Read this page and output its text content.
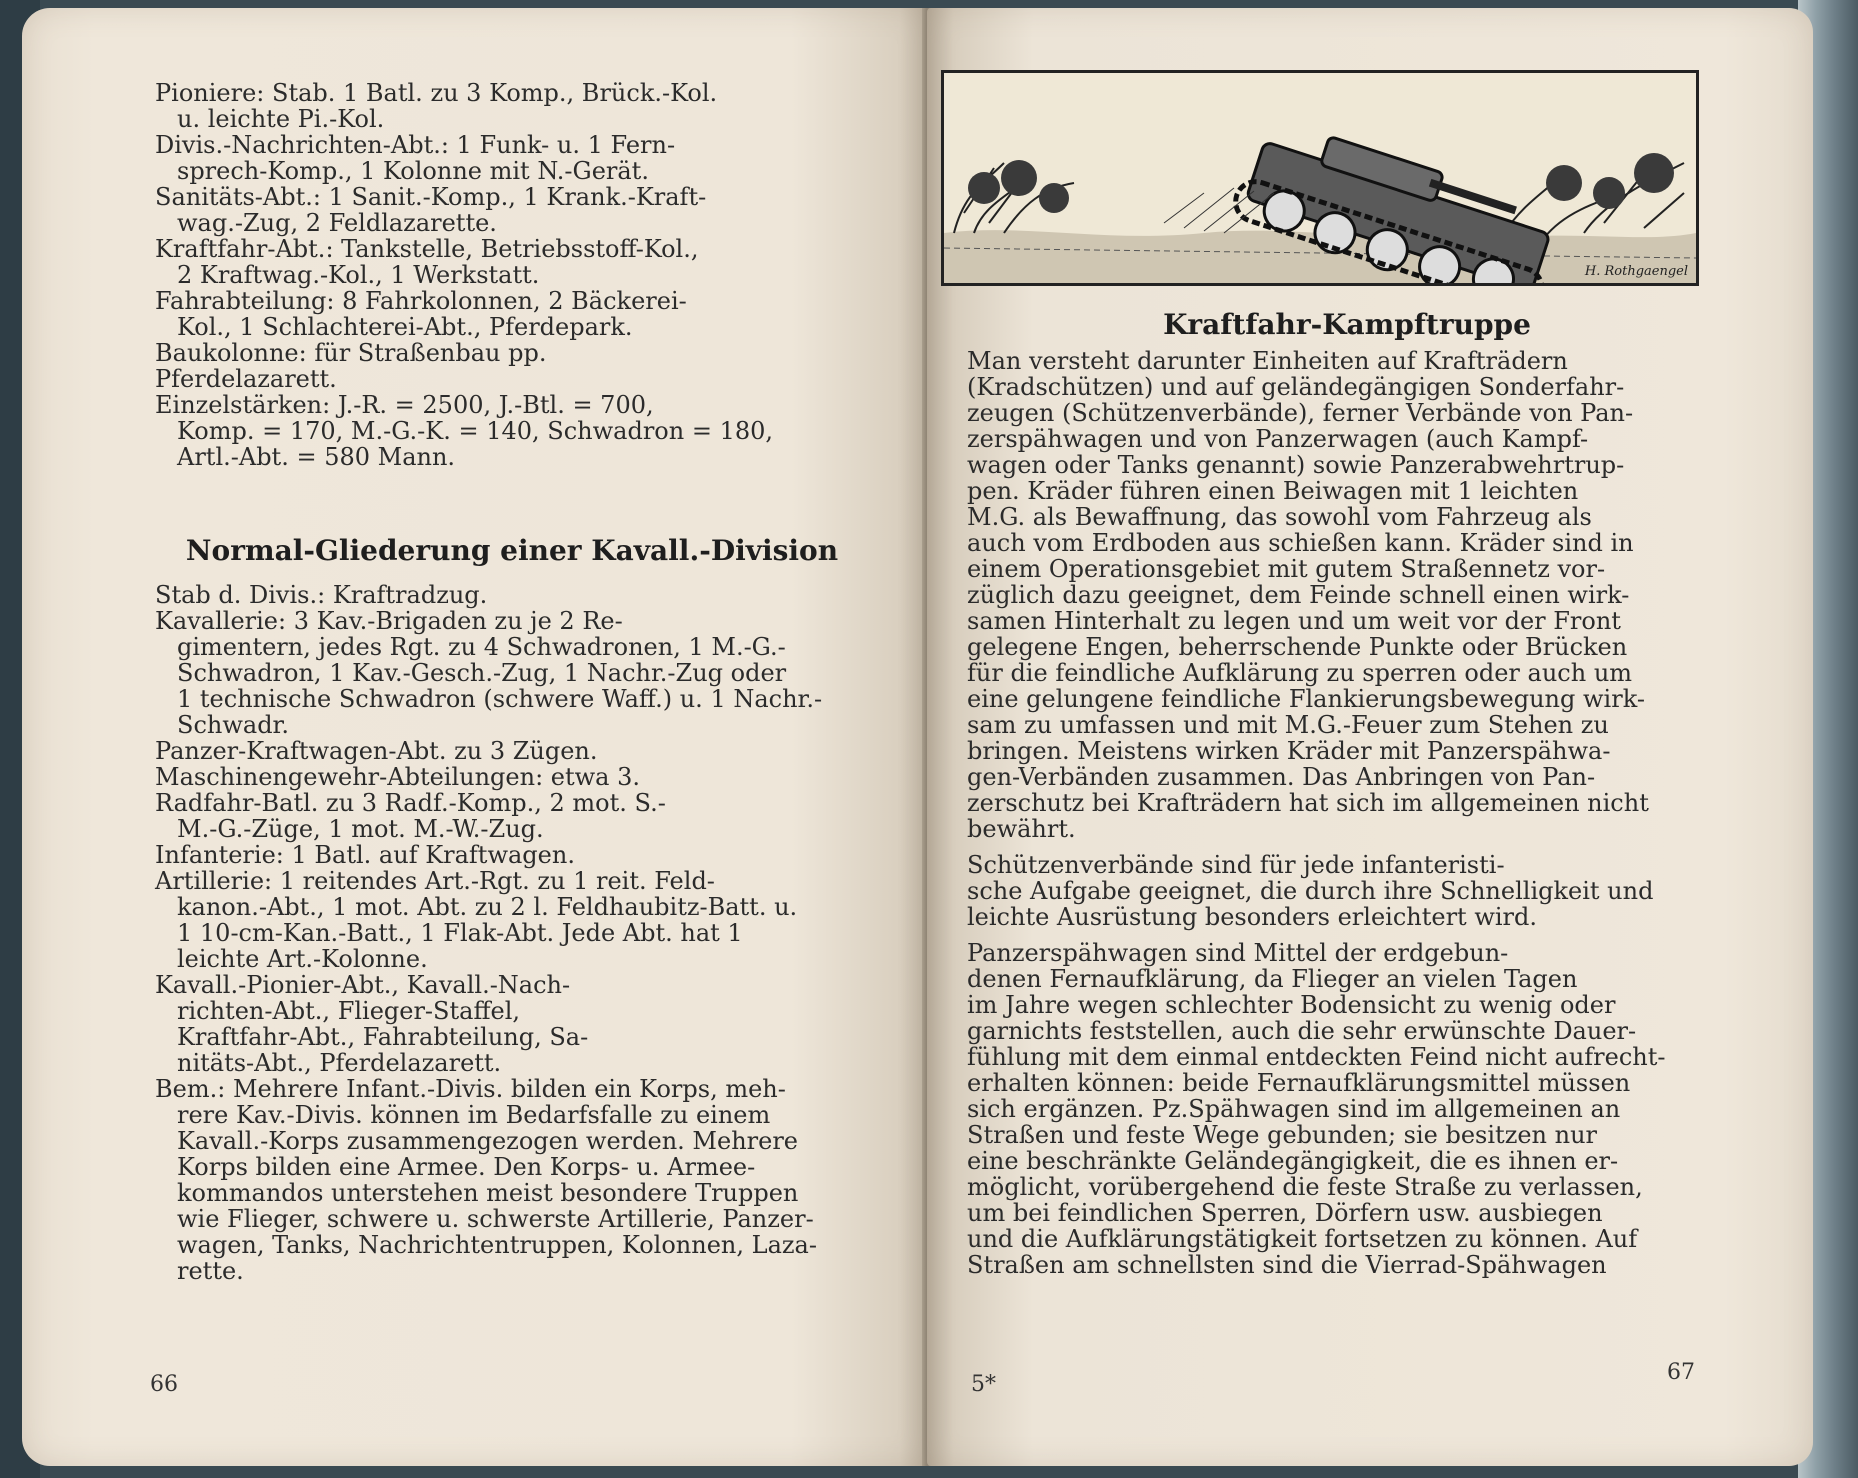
Pioniere: Stab. 1 Batl. zu 3 Komp., Brück.-Kol.
u. leichte Pi.-Kol.
Divis.-Nachrichten-Abt.: 1 Funk- u. 1 Fern-
sprech-Komp., 1 Kolonne mit N.-Gerät.
Sanitäts-Abt.: 1 Sanit.-Komp., 1 Krank.-Kraft-
wag.-Zug, 2 Feldlazarette.
Kraftfahr-Abt.: Tankstelle, Betriebsstoff-Kol.,
2 Kraftwag.-Kol., 1 Werkstatt.
Fahrabteilung: 8 Fahrkolonnen, 2 Bäckerei-
Kol., 1 Schlachterei-Abt., Pferdepark.
Baukolonne: für Straßenbau pp.
Pferdelazarett.
Einzelstärken: J.-R. = 2500, J.-Btl. = 700,
Komp. = 170, M.-G.-K. = 140, Schwadron = 180,
Artl.-Abt. = 580 Mann.
Normal-Gliederung einer Kavall.-Division
Stab d. Divis.: Kraftradzug.
Kavallerie: 3 Kav.-Brigaden zu je 2 Re-
gimentern, jedes Rgt. zu 4 Schwadronen, 1 M.-G.-
Schwadron, 1 Kav.-Gesch.-Zug, 1 Nachr.-Zug oder
1 technische Schwadron (schwere Waff.) u. 1 Nachr.-
Schwadr.
Panzer-Kraftwagen-Abt. zu 3 Zügen.
Maschinengewehr-Abteilungen: etwa 3.
Radfahr-Batl. zu 3 Radf.-Komp., 2 mot. S.-
M.-G.-Züge, 1 mot. M.-W.-Zug.
Infanterie: 1 Batl. auf Kraftwagen.
Artillerie: 1 reitendes Art.-Rgt. zu 1 reit. Feld-
kanon.-Abt., 1 mot. Abt. zu 2 l. Feldhaubitz-Batt. u.
1 10-cm-Kan.-Batt., 1 Flak-Abt. Jede Abt. hat 1
leichte Art.-Kolonne.
Kavall.-Pionier-Abt., Kavall.-Nach-
richten-Abt., Flieger-Staffel,
Kraftfahr-Abt., Fahrabteilung, Sa-
nitäts-Abt., Pferdelazarett.
Bem.: Mehrere Infant.-Divis. bilden ein Korps, meh-
rere Kav.-Divis. können im Bedarfsfalle zu einem
Kavall.-Korps zusammengezogen werden. Mehrere
Korps bilden eine Armee. Den Korps- u. Armee-
kommandos unterstehen meist besondere Truppen
wie Flieger, schwere u. schwerste Artillerie, Panzer-
wagen, Tanks, Nachrichtentruppen, Kolonnen, Laza-
rette.
66
H. Rothgaengel
Kraftfahr-Kampftruppe
Man versteht darunter Einheiten auf Krafträdern
(Kradschützen) und auf geländegängigen Sonderfahr-
zeugen (Schützenverbände), ferner Verbände von Pan-
zerspähwagen und von Panzerwagen (auch Kampf-
wagen oder Tanks genannt) sowie Panzerabwehrtrup-
pen. Kräder führen einen Beiwagen mit 1 leichten
M.G. als Bewaffnung, das sowohl vom Fahrzeug als
auch vom Erdboden aus schießen kann. Kräder sind in
einem Operationsgebiet mit gutem Straßennetz vor-
züglich dazu geeignet, dem Feinde schnell einen wirk-
samen Hinterhalt zu legen und um weit vor der Front
gelegene Engen, beherrschende Punkte oder Brücken
für die feindliche Aufklärung zu sperren oder auch um
eine gelungene feindliche Flankierungsbewegung wirk-
sam zu umfassen und mit M.G.-Feuer zum Stehen zu
bringen. Meistens wirken Kräder mit Panzerspähwa-
gen-Verbänden zusammen. Das Anbringen von Pan-
zerschutz bei Krafträdern hat sich im allgemeinen nicht
bewährt.
Schützenverbände sind für jede infanteristi-
sche Aufgabe geeignet, die durch ihre Schnelligkeit und
leichte Ausrüstung besonders erleichtert wird.
Panzerspähwagen sind Mittel der erdgebun-
denen Fernaufklärung, da Flieger an vielen Tagen
im Jahre wegen schlechter Bodensicht zu wenig oder
garnichts feststellen, auch die sehr erwünschte Dauer-
fühlung mit dem einmal entdeckten Feind nicht aufrecht-
erhalten können: beide Fernaufklärungsmittel müssen
sich ergänzen. Pz.Spähwagen sind im allgemeinen an
Straßen und feste Wege gebunden; sie besitzen nur
eine beschränkte Geländegängigkeit, die es ihnen er-
möglicht, vorübergehend die feste Straße zu verlassen,
um bei feindlichen Sperren, Dörfern usw. ausbiegen
und die Aufklärungstätigkeit fortsetzen zu können. Auf
Straßen am schnellsten sind die Vierrad-Spähwagen
5*	67
